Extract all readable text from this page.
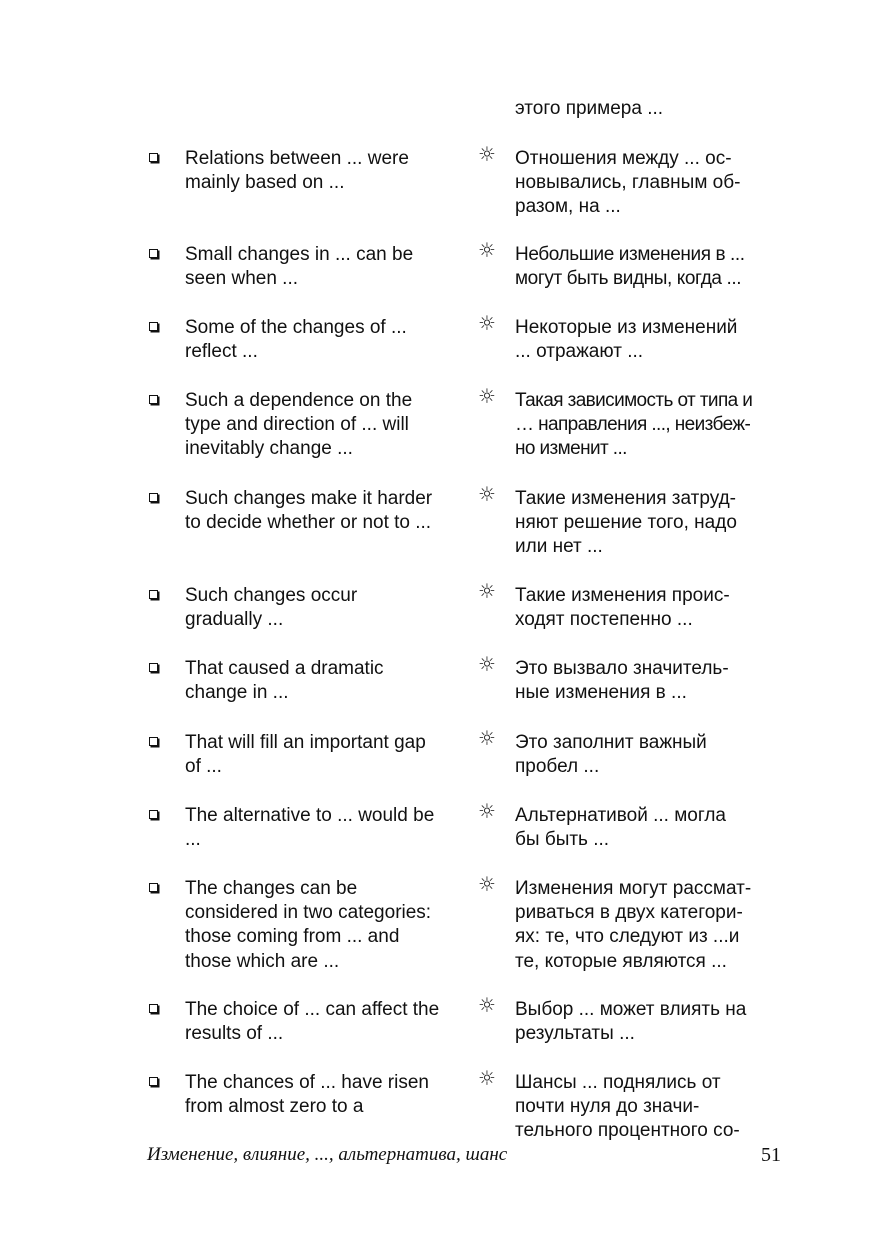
этого примера ...
Relations between ... were
mainly based on ...
☼ Отношения между ... ос-
новывались, главным об-
разом, на ...
Small changes in ... can be
seen when ...
☼ Небольшие изменения в ...
могут быть видны, когда ...
Some of the changes of ...
reflect ...
☼ Некоторые из изменений
... отражают ...
Such a dependence on the
type and direction of ... will
inevitably change ...
☼ Такая зависимость от типа и
… направления ..., неизбеж-
но изменит ...
Such changes make it harder
to decide whether or not to ...
☼ Такие изменения затруд-
няют решение того, надо
или нет ...
Such changes occur
gradually ...
☼ Такие изменения проис-
ходят постепенно ...
That caused a dramatic
change in ...
☼ Это вызвало значитель-
ные изменения в ...
That will fill an important gap
of ...
☼ Это заполнит важный
пробел ...
The alternative to ... would be
...
☼ Альтернативой ... могла
бы быть ...
The changes can be
considered in two categories:
those coming from ... and
those which are ...
☼ Изменения могут рассмат-
риваться в двух категори-
ях: те, что следуют из ...и
те, которые являются ...
The choice of ... can affect the
results of ...
☼ Выбор ... может влиять на
результаты ...
The chances of ... have risen
from almost zero to a
☼ Шансы ... поднялись от
почти нуля до значи-
тельного процентного со-
Изменение, влияние, ..., альтернатива, шанс	51
